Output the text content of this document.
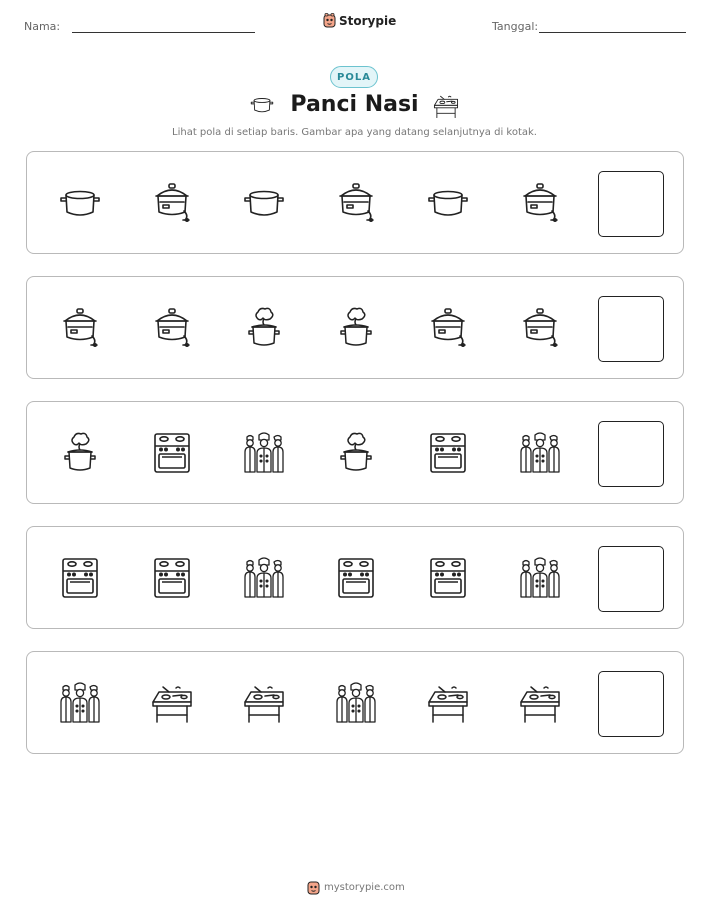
Nama:	Storypie	Tanggal:
POLA
Panci Nasi
Lihat pola di setiap baris. Gambar apa yang datang selanjutnya di kotak.
mystorypie.com
